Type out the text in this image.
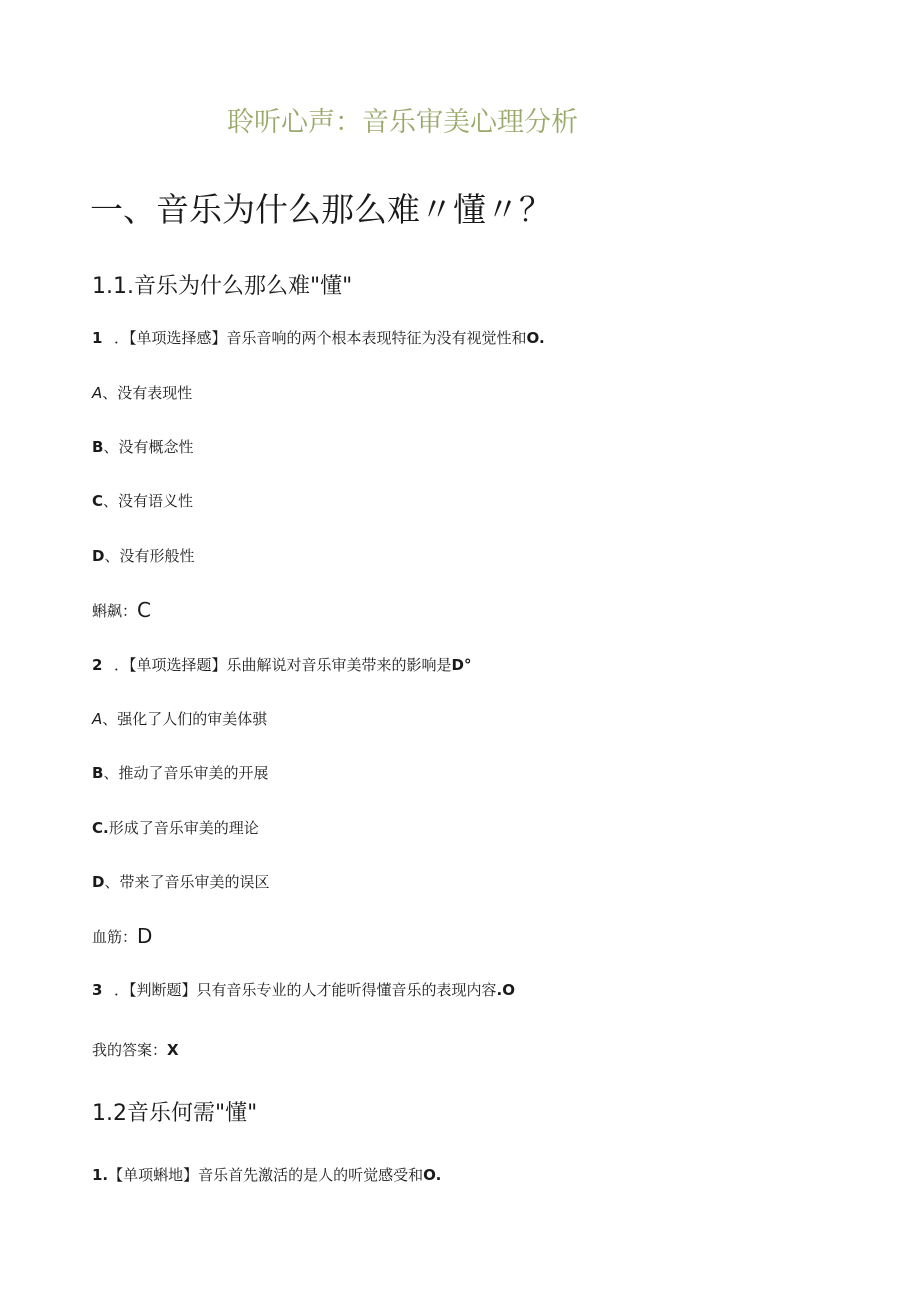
聆听心声：音乐审美心理分析
一、音乐为什么那么难〃懂〃？
1.1.音乐为什么那么难"懂"
1 ．【单项选择感】音乐音响的两个根本表现特征为没有视觉性和O.
A、没有表现性
B、没有概念性
C、没有语义性
D、没有形般性
蝌飙：C
2 ．【单项选择题】乐曲解说对音乐审美带来的影响是D°
A、强化了人们的审美体骐
B、推动了音乐审美的开展
C.形成了音乐审美的理论
D、带来了音乐审美的误区
血筋：D
3 ．【判断题】只有音乐专业的人才能听得懂音乐的表现内容.O
我的答案：X
1.2音乐何需"懂"
1.【单项蝌地】音乐首先激活的是人的听觉感受和O.
